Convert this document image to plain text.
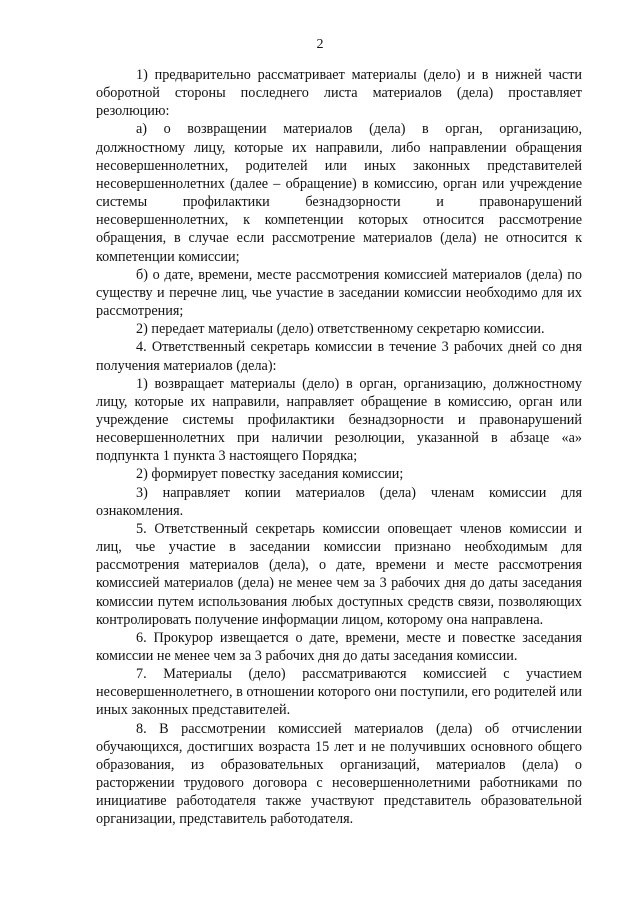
2

1) предварительно рассматривает материалы (дело) и в нижней части оборотной стороны последнего листа материалов (дела) проставляет резолюцию:

а) о возвращении материалов (дела) в орган, организацию, должностному лицу, которые их направили, либо направлении обращения несовершеннолетних, родителей или иных законных представителей несовершеннолетних (далее – обращение) в комиссию, орган или учреждение системы профилактики безнадзорности и правонарушений несовершеннолетних, к компетенции которых относится рассмотрение обращения, в случае если рассмотрение материалов (дела) не относится к компетенции комиссии;

б) о дате, времени, месте рассмотрения комиссией материалов (дела) по существу и перечне лиц, чье участие в заседании комиссии необходимо для их рассмотрения;

2) передает материалы (дело) ответственному секретарю комиссии.

4. Ответственный секретарь комиссии в течение 3 рабочих дней со дня получения материалов (дела):

1) возвращает материалы (дело) в орган, организацию, должностному лицу, которые их направили, направляет обращение в комиссию, орган или учреждение системы профилактики безнадзорности и правонарушений несовершеннолетних при наличии резолюции, указанной в абзаце «а» подпункта 1 пункта 3 настоящего Порядка;

2) формирует повестку заседания комиссии;

3) направляет копии материалов (дела) членам комиссии для ознакомления.

5. Ответственный секретарь комиссии оповещает членов комиссии и лиц, чье участие в заседании комиссии признано необходимым для рассмотрения материалов (дела), о дате, времени и месте рассмотрения комиссией материалов (дела) не менее чем за 3 рабочих дня до даты заседания комиссии путем использования любых доступных средств связи, позволяющих контролировать получение информации лицом, которому она направлена.

6. Прокурор извещается о дате, времени, месте и повестке заседания комиссии не менее чем за 3 рабочих дня до даты заседания комиссии.

7. Материалы (дело) рассматриваются комиссией с участием несовершеннолетнего, в отношении которого они поступили, его родителей или иных законных представителей.

8. В рассмотрении комиссией материалов (дела) об отчислении обучающихся, достигших возраста 15 лет и не получивших основного общего образования, из образовательных организаций, материалов (дела) о расторжении трудового договора с несовершеннолетними работниками по инициативе работодателя также участвуют представитель образовательной организации, представитель работодателя.
